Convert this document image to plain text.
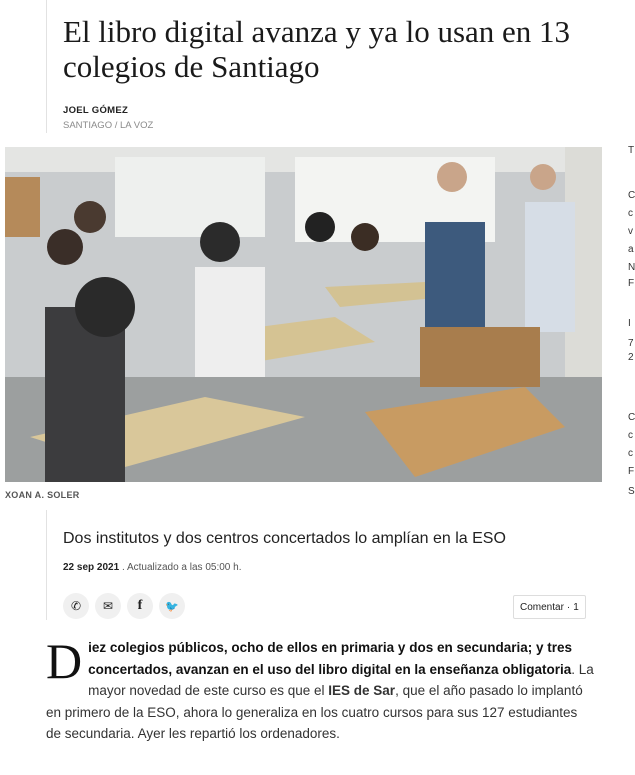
El libro digital avanza y ya lo usan en 13 colegios de Santiago
JOEL GÓMEZ
SANTIAGO / LA VOZ
XOAN A. SOLER
Dos institutos y dos centros concertados lo amplían en la ESO
22 sep 2021 . Actualizado a las 05:00 h.
✆ ✉ f 🐦	Comentar · 1
Diez colegios públicos, ocho de ellos en primaria y dos en secundaria; y tres concertados, avanzan en el uso del libro digital en la enseñanza obligatoria. La mayor novedad de este curso es que el IES de Sar, que el año pasado lo implantó en primero de la ESO, ahora lo generaliza en los cuatro cursos para sus 127 estudiantes de secundaria. Ayer les repartió los ordenadores.
T
C
c
v
a
N
F
I
7
2
C
c
c
F
S
